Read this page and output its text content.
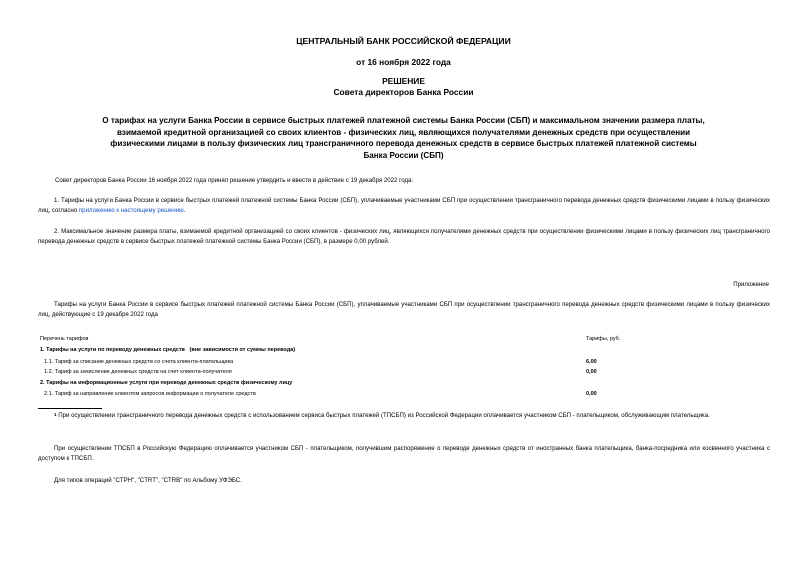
ЦЕНТРАЛЬНЫЙ БАНК РОССИЙСКОЙ ФЕДЕРАЦИИ
от 16 ноября 2022 года
РЕШЕНИЕ
Совета директоров Банка России
О тарифах на услуги Банка России в сервисе быстрых платежей платежной системы Банка России (СБП) и максимальном значении размера платы, взимаемой кредитной организацией со своих клиентов - физических лиц, являющихся получателями денежных средств при осуществлении физическими лицами в пользу физических лиц трансграничного перевода денежных средств в сервисе быстрых платежей платежной системы Банка России (СБП)
Совет директоров Банка России 16 ноября 2022 года принял решение утвердить и ввести в действие с 19 декабря 2022 года:
1. Тарифы на услуги Банка России в сервисе быстрых платежей платежной системы Банка России (СБП), уплачиваемые участниками СБП при осуществлении трансграничного перевода денежных средств физическими лицами в пользу физических лиц, согласно приложению к настоящему решению.
2. Максимальное значение размера платы, взимаемой кредитной организацией со своих клиентов - физических лиц, являющихся получателями денежных средств при осуществлении физическими лицами в пользу физических лиц трансграничного перевода денежных средств в сервисе быстрых платежей платежной системы Банка России (СБП), в размере 0,00 рублей.
Приложение
Тарифы на услуги Банка России в сервисе быстрых платежей платежной системы Банка России (СБП), уплачиваемые участниками СБП при осуществлении трансграничного перевода денежных средств физическими лицами в пользу физических лиц, действующие с 19 декабря 2022 года
Перечень тарифов	Тарифы, руб.
1. Тарифы на услуги по переводу денежных средств (вне зависимости от суммы перевода)
1.1. Тариф за списание денежных средств со счета клиента-плательщика	6,00
1.2. Тариф за зачисление денежных средств на счет клиента-получателя	0,00
2. Тарифы на информационные услуги при переводе денежных средств физическому лицу
2.1. Тариф за направление клиентом запросов информации о получателе средств	0,00
1 При осуществлении трансграничного перевода денежных средств с использованием сервиса быстрых платежей (ТПСБП) из Российской Федерации оплачивается участником СБП - плательщиком, обслуживающим плательщика.
При осуществлении ТПСБП в Российскую Федерацию оплачивается участником СБП - плательщиком, получившим распоряжение о переводе денежных средств от иностранных банка плательщика, банка-посредника или косвенного участника с доступом к ТПСБП.
Для типов операций "CTPH", "CTRT", "CTRB" по Альбому УФЭБС.
